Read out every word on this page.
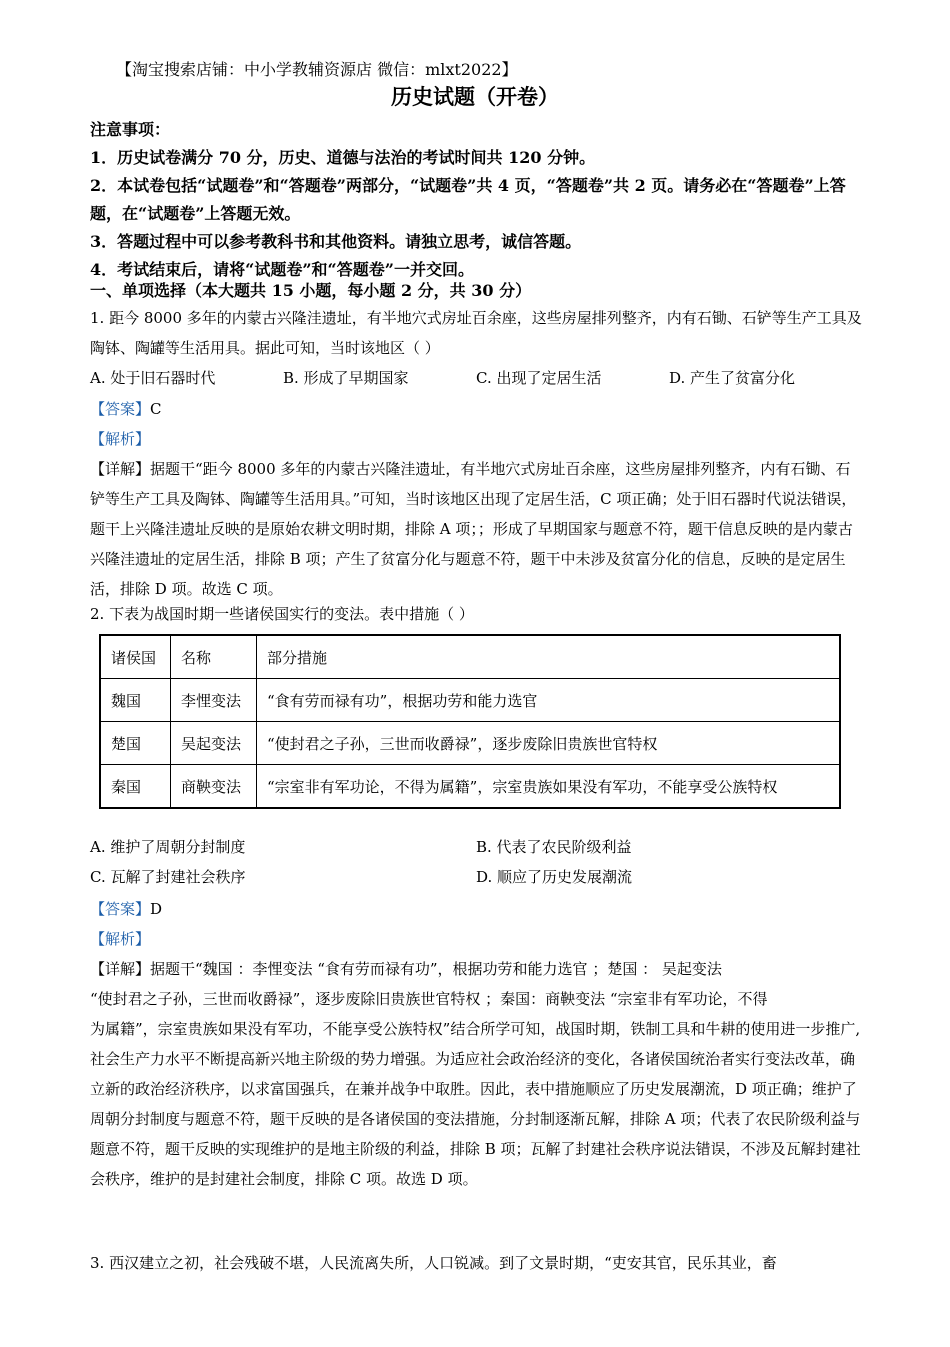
【淘宝搜索店铺：中小学教辅资源店 微信：mlxt2022】
历史试题（开卷）
注意事项：
1．历史试卷满分 70 分，历史、道德与法治的考试时间共 120 分钟。
2．本试卷包括“试题卷”和“答题卷”两部分，“试题卷”共 4 页，“答题卷”共 2 页。请务必在“答题卷”上答题，在“试题卷”上答题无效。
3．答题过程中可以参考教科书和其他资料。请独立思考，诚信答题。
4．考试结束后，请将“试题卷”和“答题卷”一并交回。
一、单项选择（本大题共 15 小题，每小题 2 分，共 30 分）
1. 距今 8000 多年的内蒙古兴隆洼遗址，有半地穴式房址百余座，这些房屋排列整齐，内有石锄、石铲等生产工具及陶钵、陶罐等生活用具。据此可知，当时该地区（ ）
A. 处于旧石器时代	B. 形成了早期国家	C. 出现了定居生活	D. 产生了贫富分化
【答案】C
【解析】
【详解】据题干“距今 8000 多年的内蒙古兴隆洼遗址，有半地穴式房址百余座，这些房屋排列整齐，内有石锄、石铲等生产工具及陶钵、陶罐等生活用具。”可知，当时该地区出现了定居生活，C 项正确；处于旧石器时代说法错误，题干上兴隆洼遗址反映的是原始农耕文明时期，排除 A 项；；形成了早期国家与题意不符，题干信息反映的是内蒙古兴隆洼遗址的定居生活，排除 B 项；产生了贫富分化与题意不符，题干中未涉及贫富分化的信息，反映的是定居生活，排除 D 项。故选 C 项。
2. 下表为战国时期一些诸侯国实行的变法。表中措施（ ）
诸侯国	名称	部分措施
魏国	李悝变法	“食有劳而禄有功”，根据功劳和能力选官
楚国	吴起变法	“使封君之子孙，三世而收爵禄”，逐步废除旧贵族世官特权
秦国	商鞅变法	“宗室非有军功论，不得为属籍”，宗室贵族如果没有军功，不能享受公族特权
A. 维护了周朝分封制度	B. 代表了农民阶级利益
C. 瓦解了封建社会秩序	D. 顺应了历史发展潮流
【答案】D
【解析】

【详解】据题干“魏国 ：李悝变法 “食有劳而禄有功”，根据功劳和能力选官 ；楚国 ： 吴起变法

“使封君之子孙，三世而收爵禄”，逐步废除旧贵族世官特权 ；秦国：商鞅变法 “宗室非有军功论，不得

为属籍”，宗室贵族如果没有军功，不能享受公族特权”结合所学可知，战国时期，铁制工具和牛耕的使用进一步推广,社会生产力水平不断提高新兴地主阶级的势力增强。为适应社会政治经济的变化，各诸侯国统治者实行变法改革，确立新的政治经济秩序，以求富国强兵，在兼并战争中取胜。因此，表中措施顺应了历史发展潮流，D 项正确；维护了周朝分封制度与题意不符，题干反映的是各诸侯国的变法措施，分封制逐渐瓦解，排除 A 项；代表了农民阶级利益与题意不符，题干反映的实现维护的是地主阶级的利益，排除 B 项；瓦解了封建社会秩序说法错误，不涉及瓦解封建社会秩序，维护的是封建社会制度，排除 C 项。故选 D 项。

3. 西汉建立之初，社会残破不堪，人民流离失所，人口锐减。到了文景时期，“吏安其官，民乐其业，畜
